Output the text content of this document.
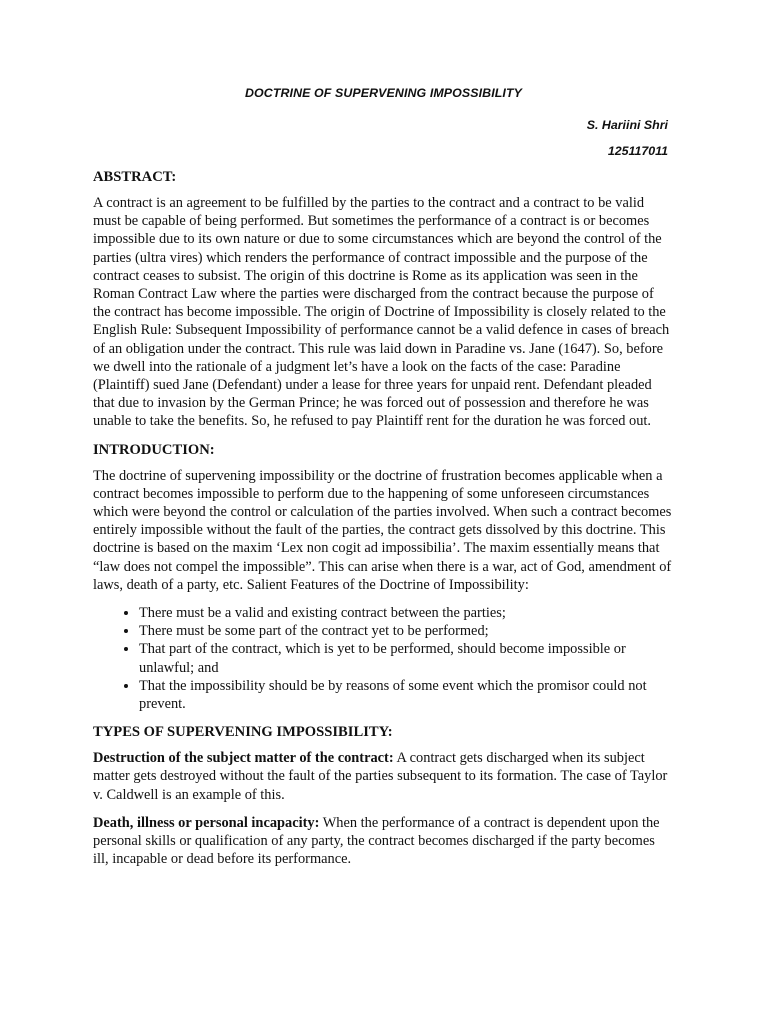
DOCTRINE OF SUPERVENING IMPOSSIBILITY
S. Hariini Shri
125117011
ABSTRACT:

A contract is an agreement to be fulfilled by the parties to the contract and a contract to be valid must be capable of being performed. But sometimes the performance of a contract is or becomes impossible due to its own nature or due to some circumstances which are beyond the control of the parties (ultra vires) which renders the performance of contract impossible and the purpose of the contract ceases to subsist. The origin of this doctrine is Rome as its application was seen in the Roman Contract Law where the parties were discharged from the contract because the purpose of the contract has become impossible. The origin of Doctrine of Impossibility is closely related to the English Rule: Subsequent Impossibility of performance cannot be a valid defence in cases of breach of an obligation under the contract. This rule was laid down in Paradine vs. Jane (1647). So, before we dwell into the rationale of a judgment let’s have a look on the facts of the case: Paradine (Plaintiff) sued Jane (Defendant) under a lease for three years for unpaid rent. Defendant pleaded that due to invasion by the German Prince; he was forced out of possession and therefore he was unable to take the benefits. So, he refused to pay Plaintiff rent for the duration he was forced out.

INTRODUCTION:

The doctrine of supervening impossibility or the doctrine of frustration becomes applicable when a contract becomes impossible to perform due to the happening of some unforeseen circumstances which were beyond the control or calculation of the parties involved. When such a contract becomes entirely impossible without the fault of the parties, the contract gets dissolved by this doctrine. This doctrine is based on the maxim ‘Lex non cogit ad impossibilia’. The maxim essentially means that “law does not compel the impossible”. This can arise when there is a war, act of God, amendment of laws, death of a party, etc. Salient Features of the Doctrine of Impossibility:

• There must be a valid and existing contract between the parties;
• There must be some part of the contract yet to be performed;
• That part of the contract, which is yet to be performed, should become impossible or unlawful; and
• That the impossibility should be by reasons of some event which the promisor could not prevent.
TYPES OF SUPERVENING IMPOSSIBILITY:

Destruction of the subject matter of the contract: A contract gets discharged when its subject matter gets destroyed without the fault of the parties subsequent to its formation. The case of Taylor v. Caldwell is an example of this.

Death, illness or personal incapacity: When the performance of a contract is dependent upon the personal skills or qualification of any party, the contract becomes discharged if the party becomes ill, incapable or dead before its performance.
